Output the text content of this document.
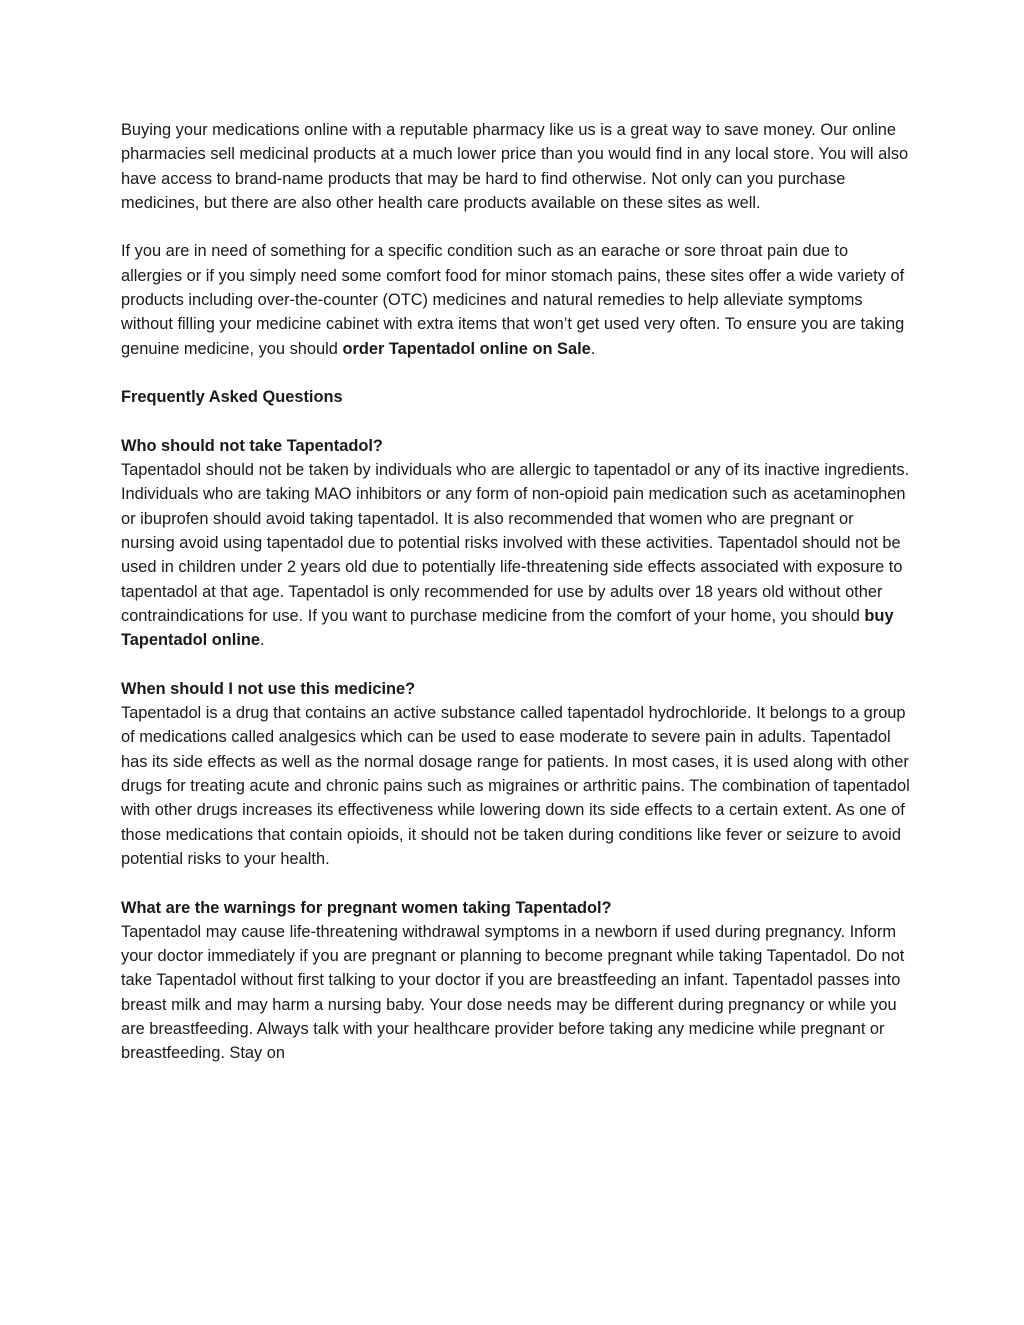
Buying your medications online with a reputable pharmacy like us is a great way to save money. Our online pharmacies sell medicinal products at a much lower price than you would find in any local store. You will also have access to brand-name products that may be hard to find otherwise. Not only can you purchase medicines, but there are also other health care products available on these sites as well.

If you are in need of something for a specific condition such as an earache or sore throat pain due to allergies or if you simply need some comfort food for minor stomach pains, these sites offer a wide variety of products including over-the-counter (OTC) medicines and natural remedies to help alleviate symptoms without filling your medicine cabinet with extra items that won’t get used very often. To ensure you are taking genuine medicine, you should order Tapentadol online on Sale.

Frequently Asked Questions
Who should not take Tapentadol?

Tapentadol should not be taken by individuals who are allergic to tapentadol or any of its inactive ingredients. Individuals who are taking MAO inhibitors or any form of non-opioid pain medication such as acetaminophen or ibuprofen should avoid taking tapentadol. It is also recommended that women who are pregnant or nursing avoid using tapentadol due to potential risks involved with these activities. Tapentadol should not be used in children under 2 years old due to potentially life-threatening side effects associated with exposure to tapentadol at that age. Tapentadol is only recommended for use by adults over 18 years old without other contraindications for use. If you want to purchase medicine from the comfort of your home, you should buy Tapentadol online.

When should I not use this medicine?

Tapentadol is a drug that contains an active substance called tapentadol hydrochloride. It belongs to a group of medications called analgesics which can be used to ease moderate to severe pain in adults. Tapentadol has its side effects as well as the normal dosage range for patients. In most cases, it is used along with other drugs for treating acute and chronic pains such as migraines or arthritic pains. The combination of tapentadol with other drugs increases its effectiveness while lowering down its side effects to a certain extent. As one of those medications that contain opioids, it should not be taken during conditions like fever or seizure to avoid potential risks to your health.

What are the warnings for pregnant women taking Tapentadol?

Tapentadol may cause life-threatening withdrawal symptoms in a newborn if used during pregnancy. Inform your doctor immediately if you are pregnant or planning to become pregnant while taking Tapentadol. Do not take Tapentadol without first talking to your doctor if you are breastfeeding an infant. Tapentadol passes into breast milk and may harm a nursing baby. Your dose needs may be different during pregnancy or while you are breastfeeding. Always talk with your healthcare provider before taking any medicine while pregnant or breastfeeding. Stay on
